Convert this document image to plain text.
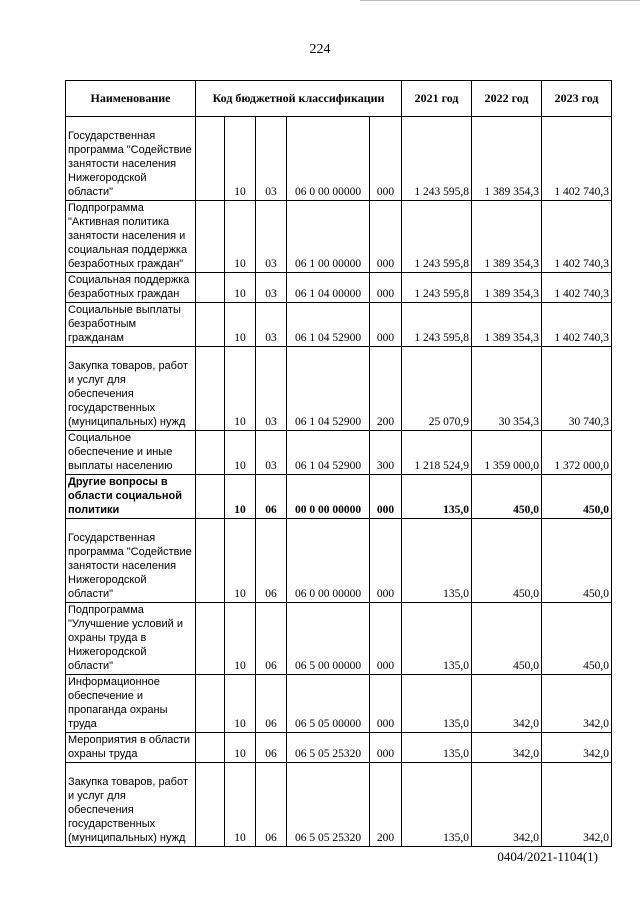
224
Наименование	Код бюджетной классификации					2021 год	2022 год	2023 год
Государственная программа "Содействие занятости населения Нижегородской области"		10	03	06 0 00 00000	000	1 243 595,8	1 389 354,3	1 402 740,3
Подпрограмма "Активная политика занятости населения и социальная поддержка безработных граждан"		10	03	06 1 00 00000	000	1 243 595,8	1 389 354,3	1 402 740,3
Социальная поддержка безработных граждан		10	03	06 1 04 00000	000	1 243 595,8	1 389 354,3	1 402 740,3
Социальные выплаты безработным гражданам		10	03	06 1 04 52900	000	1 243 595,8	1 389 354,3	1 402 740,3
Закупка товаров, работ и услуг для обеспечения государственных (муниципальных) нужд		10	03	06 1 04 52900	200	25 070,9	30 354,3	30 740,3
Социальное обеспечение и иные выплаты населению		10	03	06 1 04 52900	300	1 218 524,9	1 359 000,0	1 372 000,0
Другие вопросы в области социальной политики		10	06	00 0 00 00000	000	135,0	450,0	450,0
Государственная программа "Содействие занятости населения Нижегородской области"		10	06	06 0 00 00000	000	135,0	450,0	450,0
Подпрограмма "Улучшение условий и охраны труда в Нижегородской области"		10	06	06 5 00 00000	000	135,0	450,0	450,0
Информационное обеспечение и пропаганда охраны труда		10	06	06 5 05 00000	000	135,0	342,0	342,0
Мероприятия в области охраны труда		10	06	06 5 05 25320	000	135,0	342,0	342,0
Закупка товаров, работ и услуг для обеспечения государственных (муниципальных) нужд		10	06	06 5 05 25320	200	135,0	342,0	342,0
0404/2021-1104(1)
